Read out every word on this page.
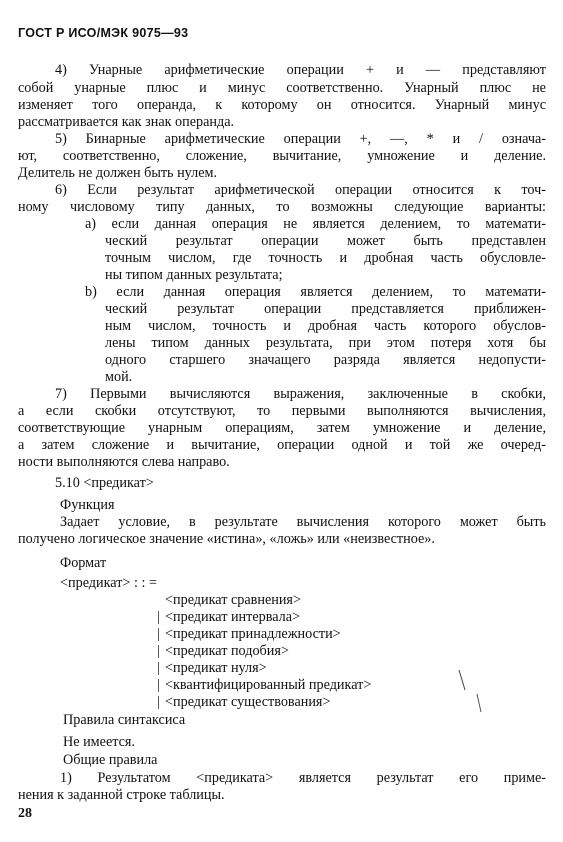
ГОСТ Р ИСО/МЭК 9075—93
4) Унарные арифметические операции + и — представляют
собой унарные плюс и минус соответственно. Унарный плюс не
изменяет того операнда, к которому он относится. Унарный минус
рассматривается как знак операнда.
5) Бинарные арифметические операции +, —, * и / означа-
ют, соответственно, сложение, вычитание, умножение и деление.
Делитель не должен быть нулем.
6) Если результат арифметической операции относится к точ-
ному числовому типу данных, то возможны следующие варианты:
а) если данная операция не является делением, то математи-
ческий результат операции может быть представлен
точным числом, где точность и дробная часть обусловле-
ны типом данных результата;
b) если данная операция является делением, то математи-
ческий результат операции представляется приближен-
ным числом, точность и дробная часть которого обуслов-
лены типом данных результата, при этом потеря хотя бы
одного старшего значащего разряда является недопусти-
мой.
7) Первыми вычисляются выражения, заключенные в скобки,
а если скобки отсутствуют, то первыми выполняются вычисления,
соответствующие унарным операциям, затем умножение и деление,
а затем сложение и вычитание, операции одной и той же очеред-
ности выполняются слева направо.
5.10 <предикат>
Функция
Задает условие, в результате вычисления которого может быть
получено логическое значение «истина», «ложь» или «неизвестное».
Формат
<предикат> : : =
<предикат сравнения>
| <предикат интервала>
| <предикат принадлежности>
| <предикат подобия>
| <предикат нуля>
| <квантифицированный предикат>
| <предикат существования>
Правила синтаксиса
Не имеется.
Общие правила
1) Результатом <предиката> является результат его приме-
нения к заданной строке таблицы.
28
